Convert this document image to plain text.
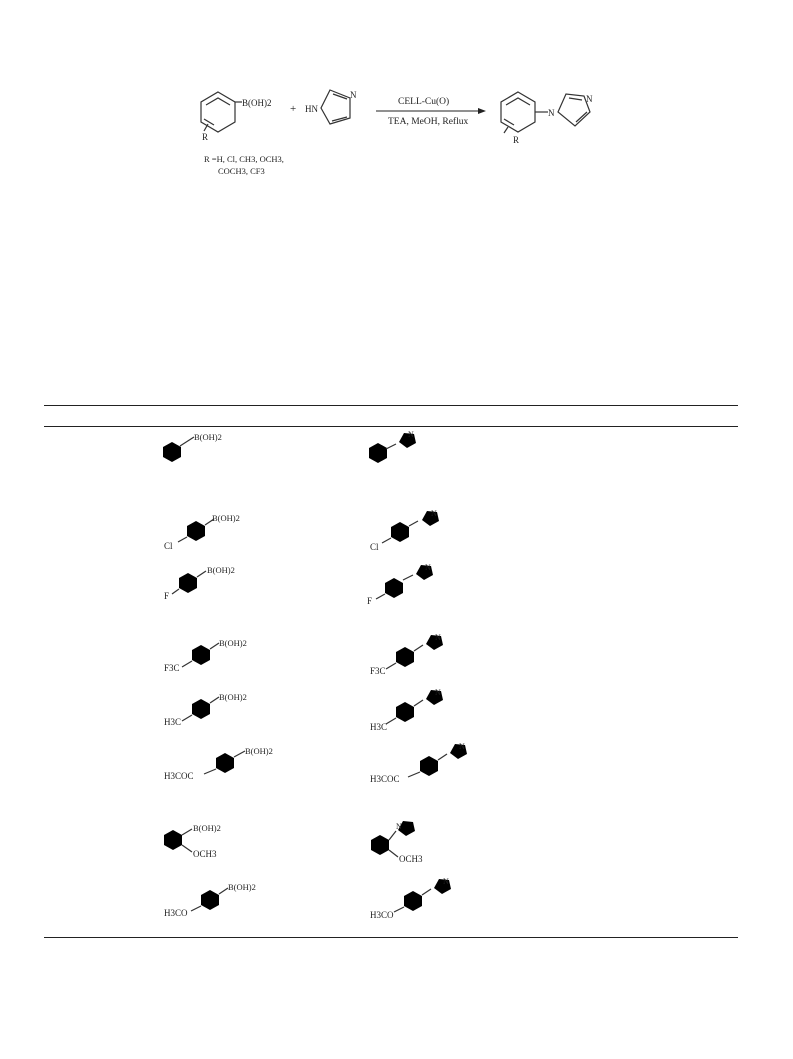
B(OH)2
R
+ HN
N
CELL-Cu(O)
TEA, MeOH, Reflux
N
N
R
R =H, Cl, CH3, OCH3,
COCH3, CF3
B(OH)2	N
Cl
B(OH)2
Cl
N
F
B(OH)2
F
N
F3C
B(OH)2
F3C
N
H3C
B(OH)2
H3C
N
H3COC
B(OH)2
H3COC
N
B(OH)2
OCH3
N
OCH3
H3CO
B(OH)2
H3CO
N
